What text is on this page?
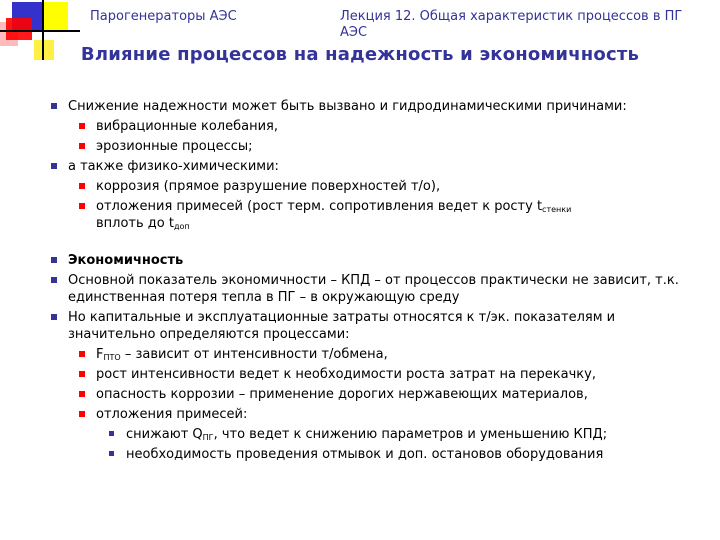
Парогенераторы АЭС	Лекция 12. Общая характеристик процессов в ПГ АЭС
Влияние процессов на надежность и экономичность
Снижение надежности может быть вызвано и гидродинамическими причинами:
вибрационные колебания,
эрозионные процессы;
а также физико-химическими:
коррозия (прямое разрушение поверхностей т/о),
отложения примесей (рост терм. сопротивления ведет к росту $t_{стенки}$
вплоть до $t_{доп}$
Экономичность
Основной показатель экономичности – КПД – от процессов практически не зависит, т.к. единственная потеря тепла в ПГ – в окружающую среду
Но капитальные и эксплуатационные затраты относятся к т/эк. показателям и значительно определяются процессами:
$F_{ПТО}$ – зависит от интенсивности т/обмена,
рост интенсивности ведет к необходимости роста затрат на перекачку,
опасность коррозии – применение дорогих нержавеющих материалов,
отложения примесей:
снижают $Q_{ПГ}$, что ведет к снижению параметров и уменьшению КПД;
необходимость проведения отмывок и доп. остановов оборудования
